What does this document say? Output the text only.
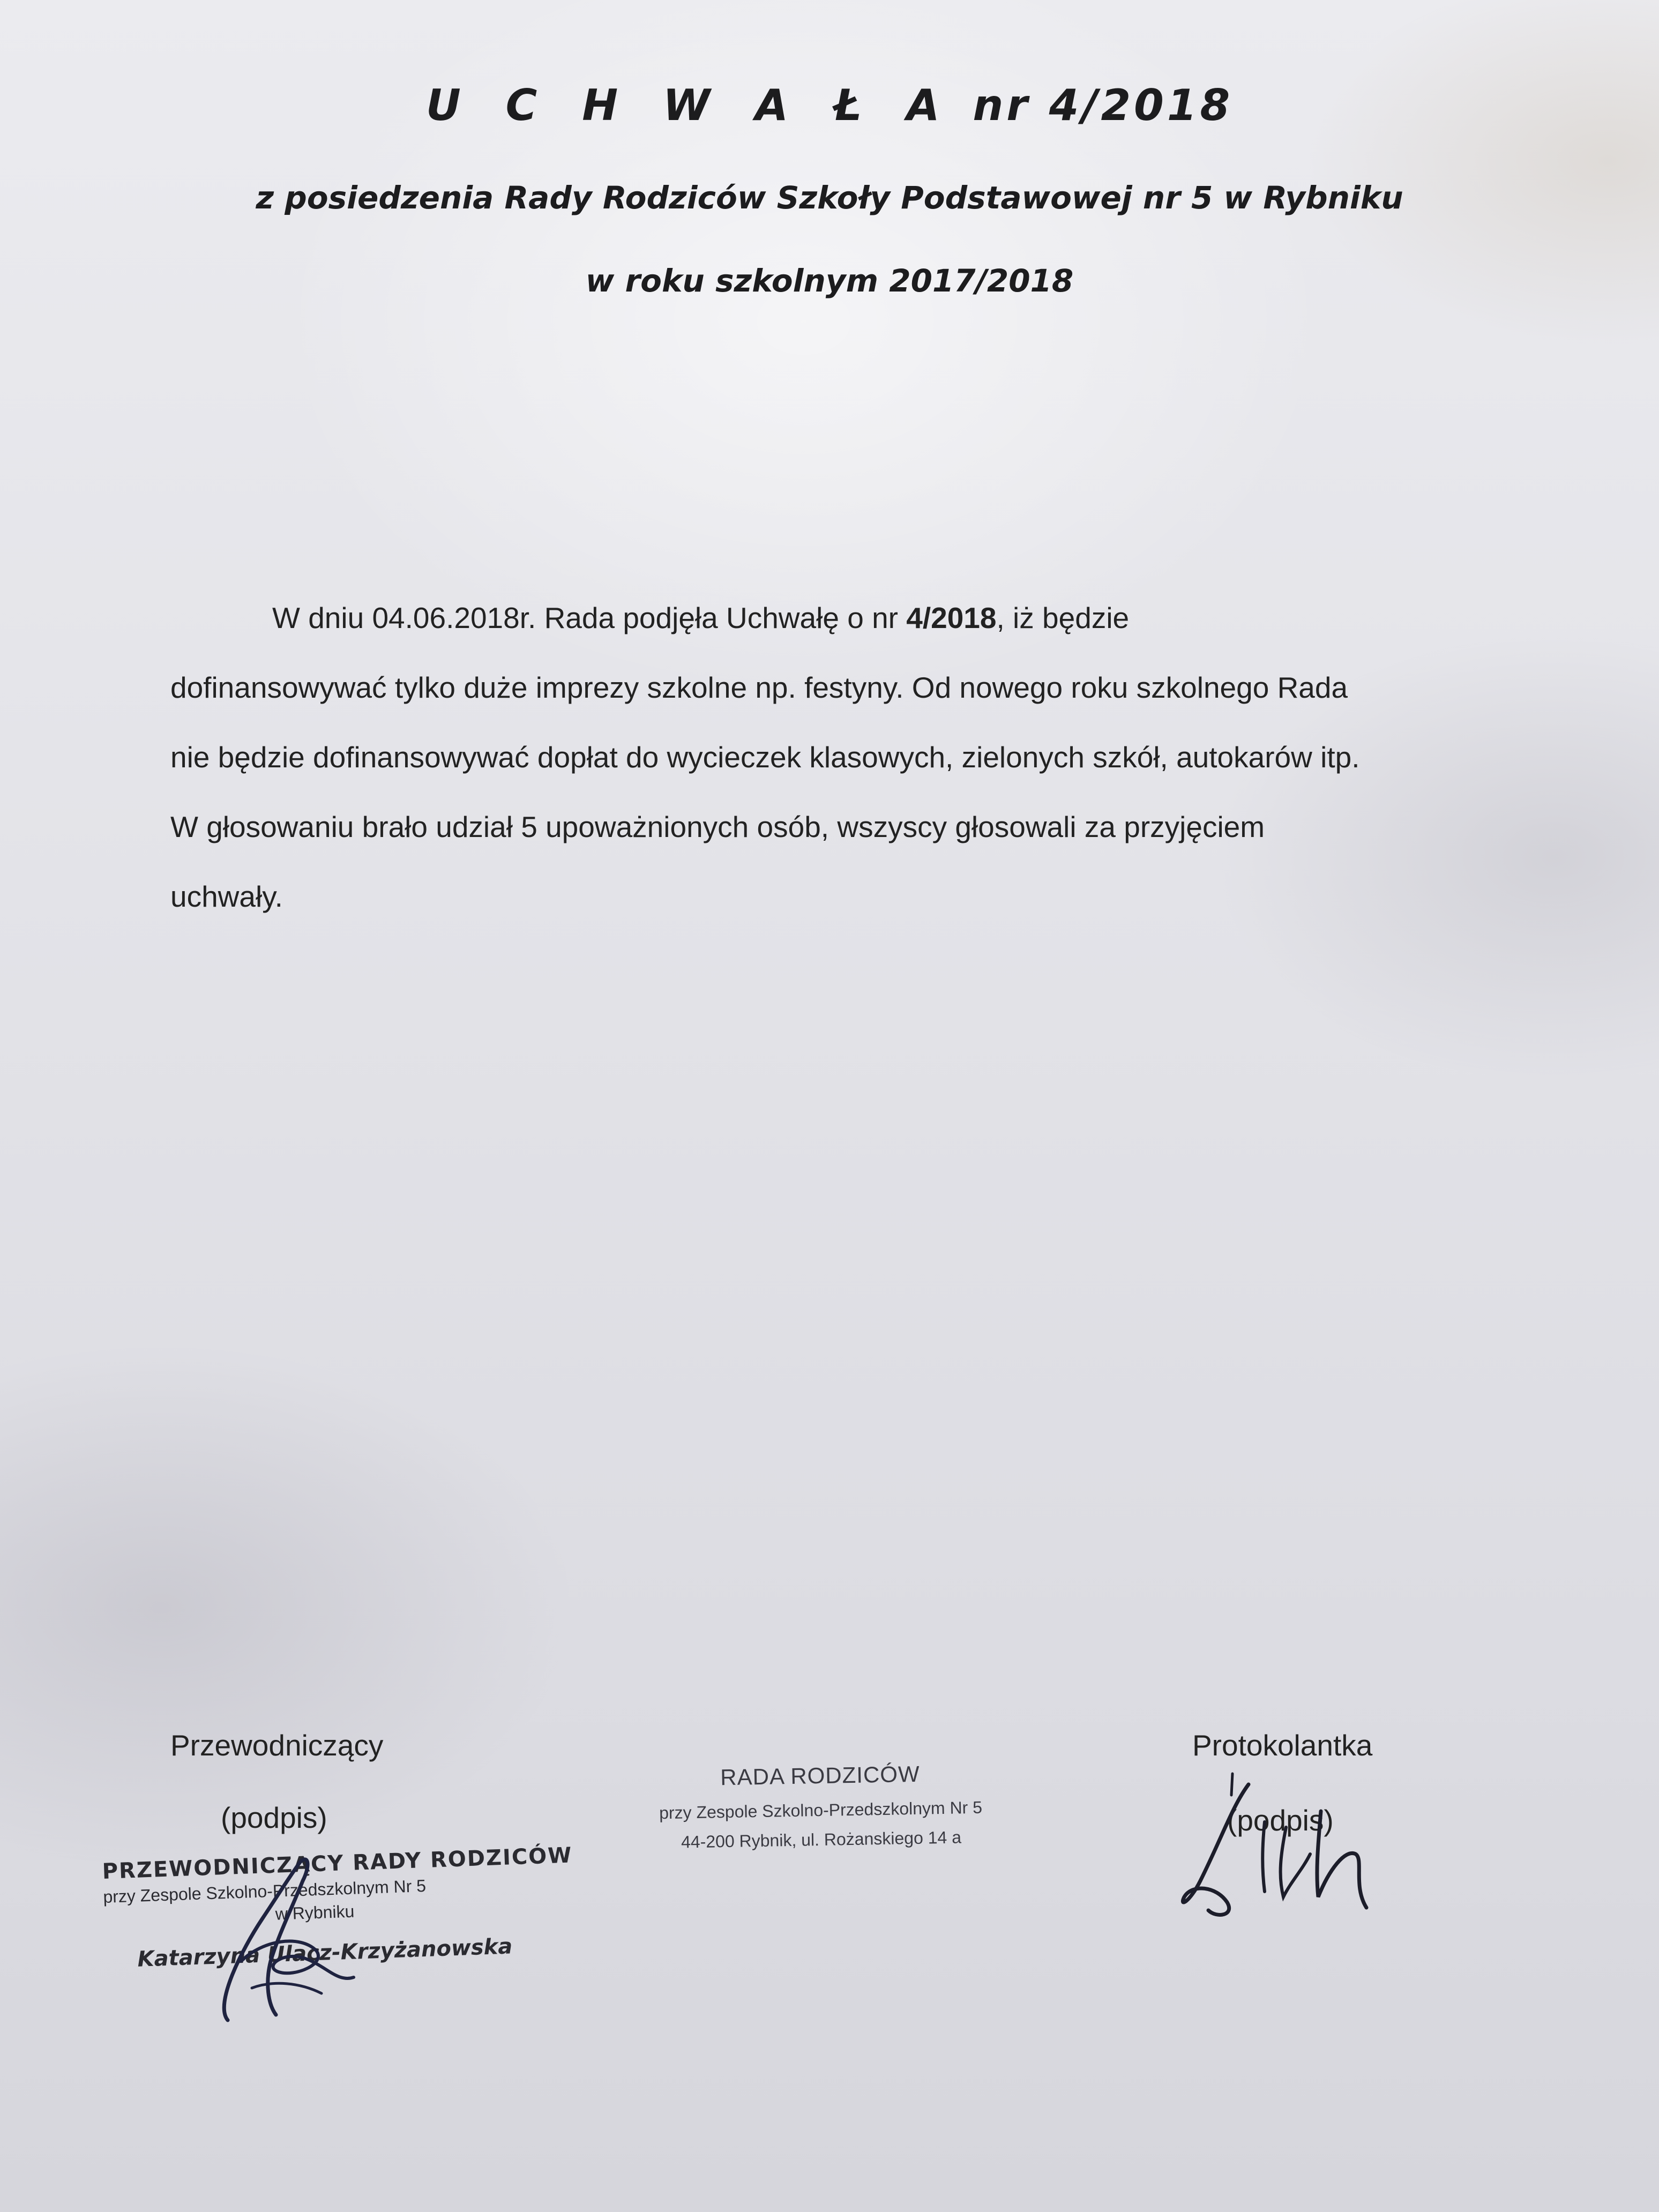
U C H W A Ł A nr 4/2018
z posiedzenia Rady Rodziców Szkoły Podstawowej nr 5 w Rybniku
w roku szkolnym 2017/2018
W dniu 04.06.2018r. Rada podjęła Uchwałę o nr 4/2018, iż będzie
dofinansowywać tylko duże imprezy szkolne np. festyny. Od nowego roku szkolnego Rada
nie będzie dofinansowywać dopłat do wycieczek klasowych, zielonych szkół, autokarów itp.
W głosowaniu brało udział 5 upoważnionych osób, wszyscy głosowali za przyjęciem
uchwały.
Przewodniczący
(podpis)
Protokolantka
(podpis)
PRZEWODNICZĄCY RADY RODZICÓW
przy Zespole Szkolno-Przedszkolnym Nr 5
w Rybniku
Katarzyna Ulacz-Krzyżanowska
RADA RODZICÓW
przy Zespole Szkolno-Przedszkolnym Nr 5
44-200 Rybnik, ul. Rożanskiego 14 a
